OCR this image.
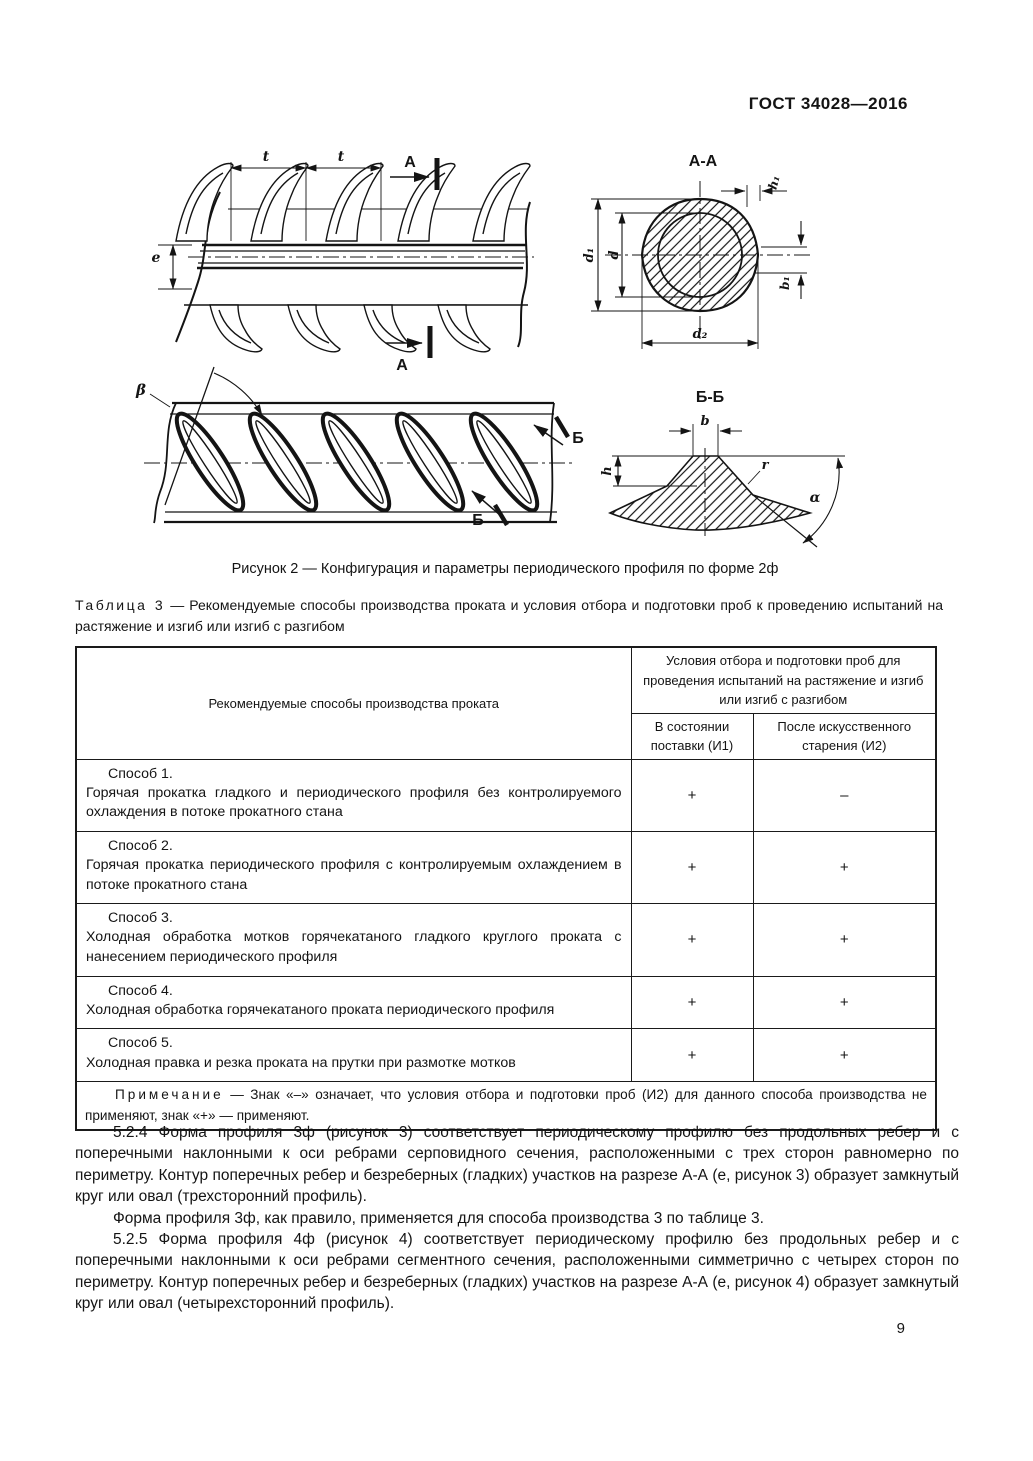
ГОСТ 34028—2016
t	t
e
А
А
А-А
d₁ d
d₂
h₁
b₁
β
Б
Б
Б-Б
b
h	r
α
Рисунок 2 — Конфигурация и параметры периодического профиля по форме 2ф
Таблица 3 — Рекомендуемые способы производства проката и условия отбора и подготовки проб к проведению испытаний на растяжение и изгиб или изгиб с разгибом
Рекомендуемые способы производства проката	Условия отбора и подготовки проб для проведения испытаний на растяжение и изгиб или изгиб с разгибом	
	В состоянии поставки (И1)	После искусственного старения (И2)

Способ 1.
Горячая прокатка гладкого и периодического профиля без контролируемого охлаждения в потоке прокатного стана	+	–

Способ 2.
Горячая прокатка периодического профиля с контролируемым охлаждением в потоке прокатного стана	+	+

Способ 3.
Холодная обработка мотков горячекатаного гладкого круглого проката с нанесением периодического профиля	+	+

Способ 4.
Холодная обработка горячекатаного проката периодического профиля	+	+

Способ 5.
Холодная правка и резка проката на прутки при размотке мотков	+	+
Примечание — Знак «–» означает, что условия отбора и подготовки проб (И2) для данного способа производства не применяют, знак «+» — применяют.		

5.2.4 Форма профиля 3ф (рисунок 3) соответствует периодическому профилю без продольных ребер и с поперечными наклонными к оси ребрами серповидного сечения, расположенными с трех сторон равномерно по периметру. Контур поперечных ребер и безреберных (гладких) участков на разрезе А-А (е, рисунок 3) образует замкнутый круг или овал (трехсторонний профиль).

Форма профиля 3ф, как правило, применяется для способа производства 3 по таблице 3.

5.2.5 Форма профиля 4ф (рисунок 4) соответствует периодическому профилю без продольных ребер и с поперечными наклонными к оси ребрами сегментного сечения, расположенными симметрично с четырех сторон по периметру. Контур поперечных ребер и безреберных (гладких) участков на разрезе А-А (е, рисунок 4) образует замкнутый круг или овал (четырехсторонний профиль).

9
